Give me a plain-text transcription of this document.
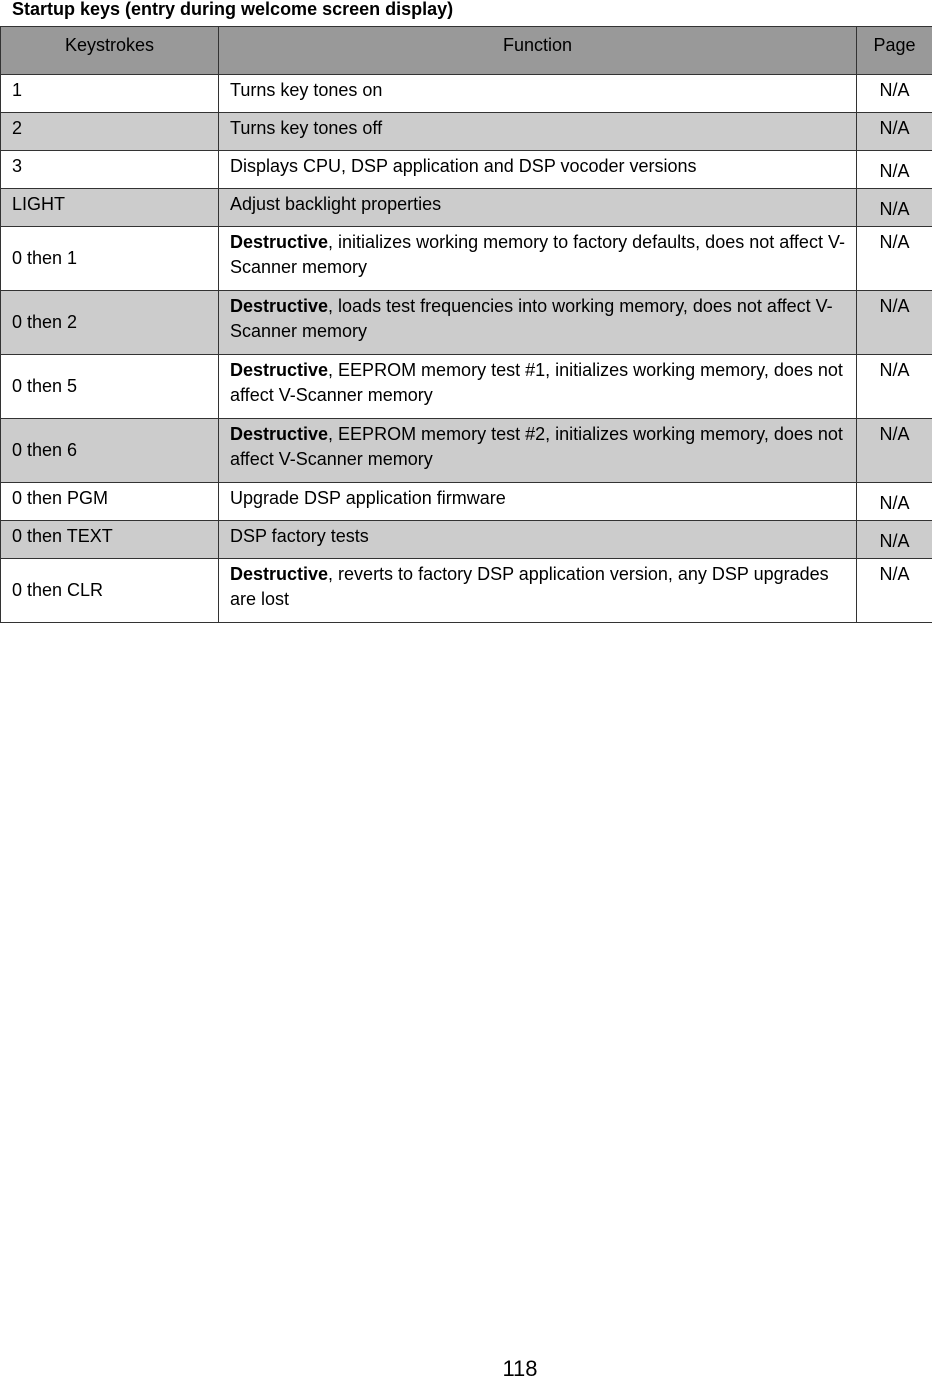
Startup keys (entry during welcome screen display)
Keystrokes	Function	Page
1	Turns key tones on	N/A
2	Turns key tones off	N/A
3	Displays CPU, DSP application and DSP vocoder versions	N/A
LIGHT	Adjust backlight properties	N/A
0 then 1	Destructive, initializes working memory to factory defaults, does not affect V-Scanner memory	N/A
0 then 2	Destructive, loads test frequencies into working memory, does not affect V-Scanner memory	N/A
0 then 5	Destructive, EEPROM memory test #1, initializes working memory, does not affect V-Scanner memory	N/A
0 then 6	Destructive, EEPROM memory test #2, initializes working memory, does not affect V-Scanner memory	N/A
0 then PGM	Upgrade DSP application firmware	N/A
0 then TEXT	DSP factory tests	N/A
0 then CLR	Destructive, reverts to factory DSP application version, any DSP upgrades are lost	N/A
118
